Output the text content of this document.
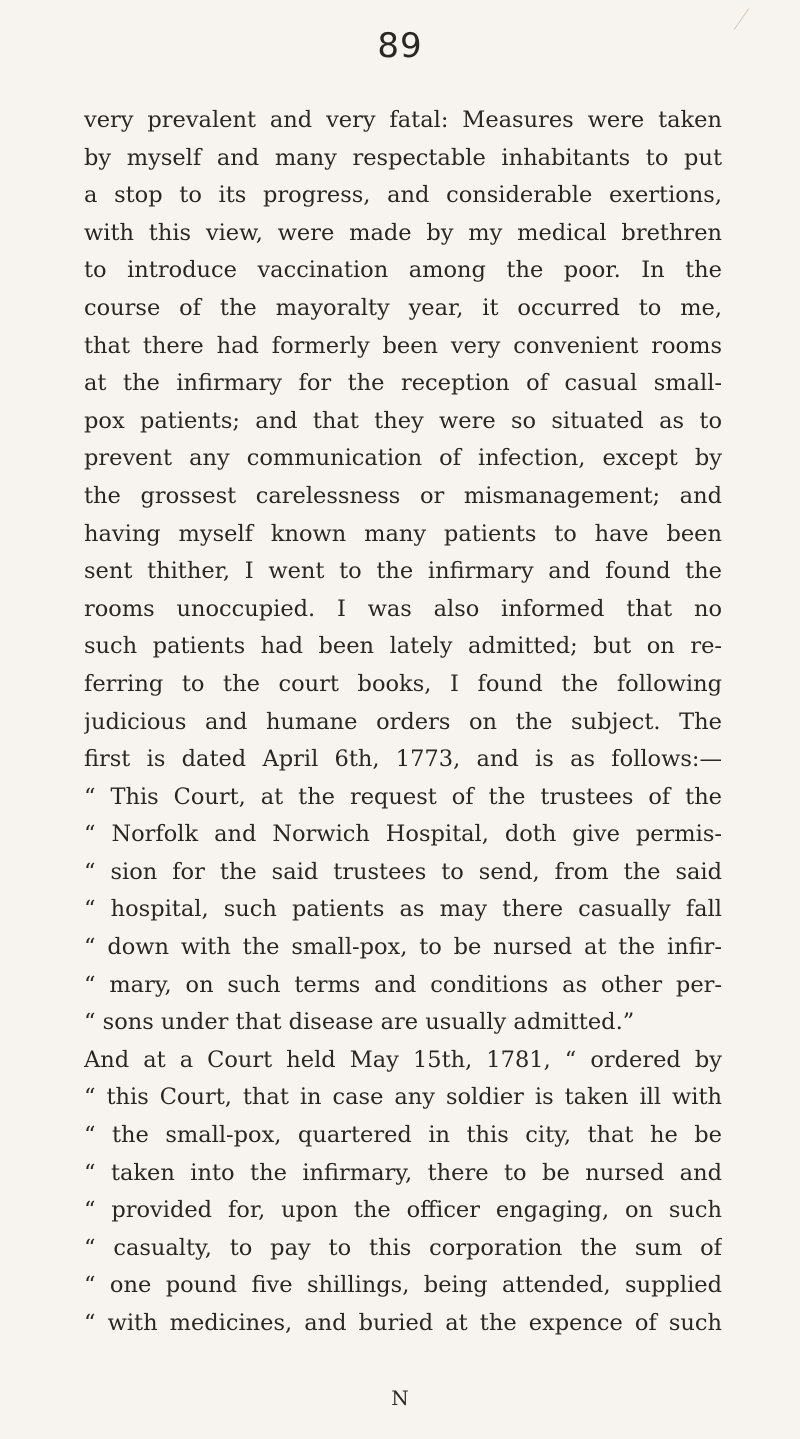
89
very prevalent and very fatal: Measures were taken
by myself and many respectable inhabitants to put
a stop to its progress, and considerable exertions,
with this view, were made by my medical brethren
to introduce vaccination among the poor. In the
course of the mayoralty year, it occurred to me,
that there had formerly been very convenient rooms
at the infirmary for the reception of casual small-
pox patients; and that they were so situated as to
prevent any communication of infection, except by
the grossest carelessness or mismanagement; and
having myself known many patients to have been
sent thither, I went to the infirmary and found the
rooms unoccupied. I was also informed that no
such patients had been lately admitted; but on re-
ferring to the court books, I found the following
judicious and humane orders on the subject. The
first is dated April 6th, 1773, and is as follows:—
“ This Court, at the request of the trustees of the
“ Norfolk and Norwich Hospital, doth give permis-
“ sion for the said trustees to send, from the said
“ hospital, such patients as may there casually fall
“ down with the small-pox, to be nursed at the infir-
“ mary, on such terms and conditions as other per-
“ sons under that disease are usually admitted.”
And at a Court held May 15th, 1781, “ ordered by
“ this Court, that in case any soldier is taken ill with
“ the small-pox, quartered in this city, that he be
“ taken into the infirmary, there to be nursed and
“ provided for, upon the officer engaging, on such
“ casualty, to pay to this corporation the sum of
“ one pound five shillings, being attended, supplied
“ with medicines, and buried at the expence of such
N
